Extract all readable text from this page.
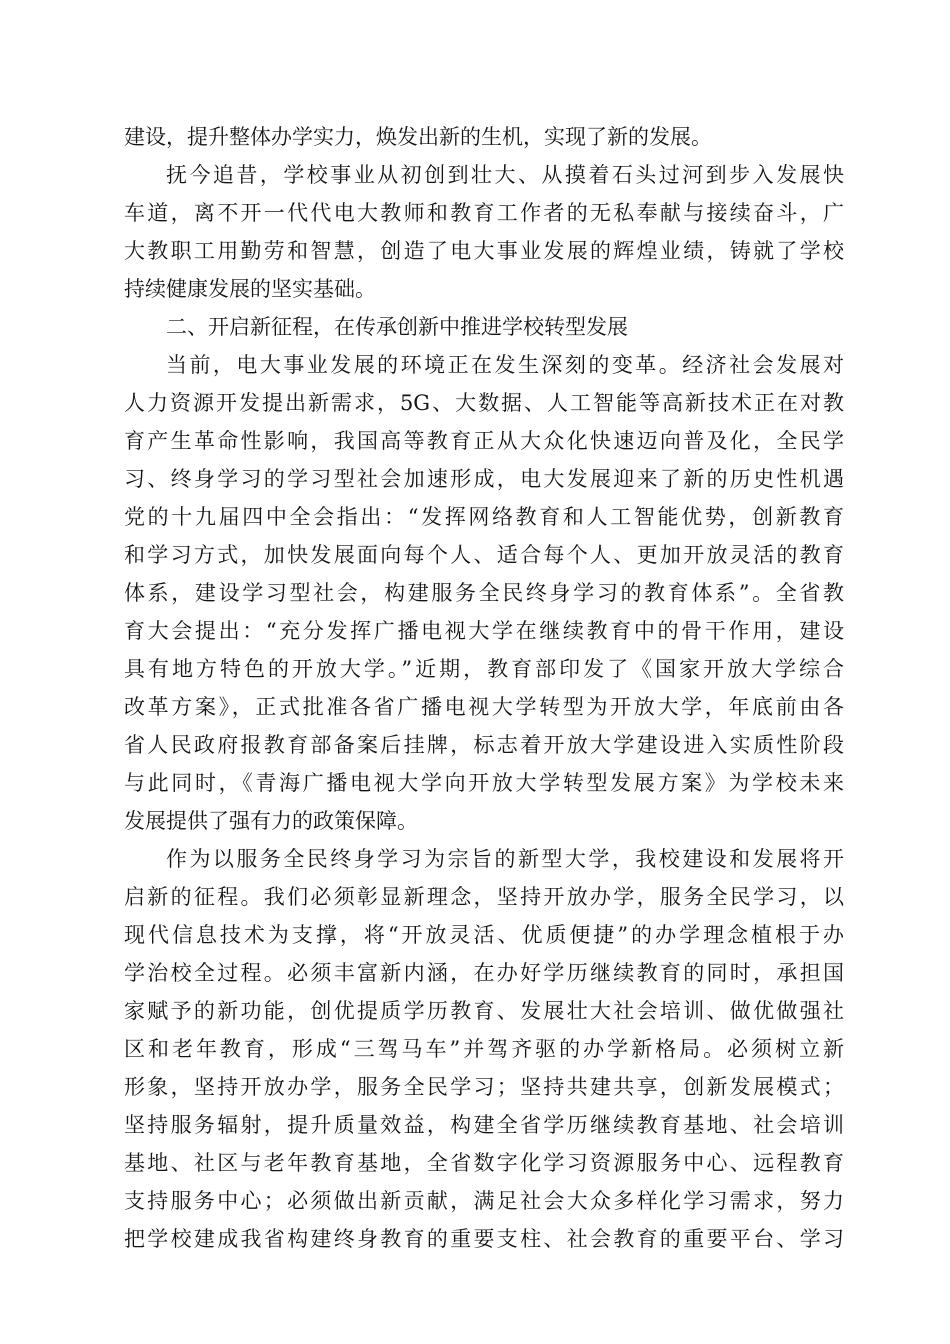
建设，提升整体办学实力，焕发出新的生机，实现了新的发展。
抚今追昔，学校事业从初创到壮大、从摸着石头过河到步入发展快
车道，离不开一代代电大教师和教育工作者的无私奉献与接续奋斗，广
大教职工用勤劳和智慧，创造了电大事业发展的辉煌业绩，铸就了学校
持续健康发展的坚实基础。
二、开启新征程，在传承创新中推进学校转型发展
当前，电大事业发展的环境正在发生深刻的变革。经济社会发展对
人力资源开发提出新需求，5G、大数据、人工智能等高新技术正在对教
育产生革命性影响，我国高等教育正从大众化快速迈向普及化，全民学
习、终身学习的学习型社会加速形成，电大发展迎来了新的历史性机遇
党的十九届四中全会指出：“发挥网络教育和人工智能优势，创新教育
和学习方式，加快发展面向每个人、适合每个人、更加开放灵活的教育
体系，建设学习型社会，构建服务全民终身学习的教育体系”。全省教
育大会提出：“充分发挥广播电视大学在继续教育中的骨干作用，建设
具有地方特色的开放大学。”近期，教育部印发了《国家开放大学综合
改革方案》，正式批准各省广播电视大学转型为开放大学，年底前由各
省人民政府报教育部备案后挂牌，标志着开放大学建设进入实质性阶段
与此同时，《青海广播电视大学向开放大学转型发展方案》为学校未来
发展提供了强有力的政策保障。
作为以服务全民终身学习为宗旨的新型大学，我校建设和发展将开
启新的征程。我们必须彰显新理念，坚持开放办学，服务全民学习，以
现代信息技术为支撑，将“开放灵活、优质便捷”的办学理念植根于办
学治校全过程。必须丰富新内涵，在办好学历继续教育的同时，承担国
家赋予的新功能，创优提质学历教育、发展壮大社会培训、做优做强社
区和老年教育，形成“三驾马车”并驾齐驱的办学新格局。必须树立新
形象，坚持开放办学，服务全民学习；坚持共建共享，创新发展模式；
坚持服务辐射，提升质量效益，构建全省学历继续教育基地、社会培训
基地、社区与老年教育基地，全省数字化学习资源服务中心、远程教育
支持服务中心；必须做出新贡献，满足社会大众多样化学习需求，努力
把学校建成我省构建终身教育的重要支柱、社会教育的重要平台、学习
